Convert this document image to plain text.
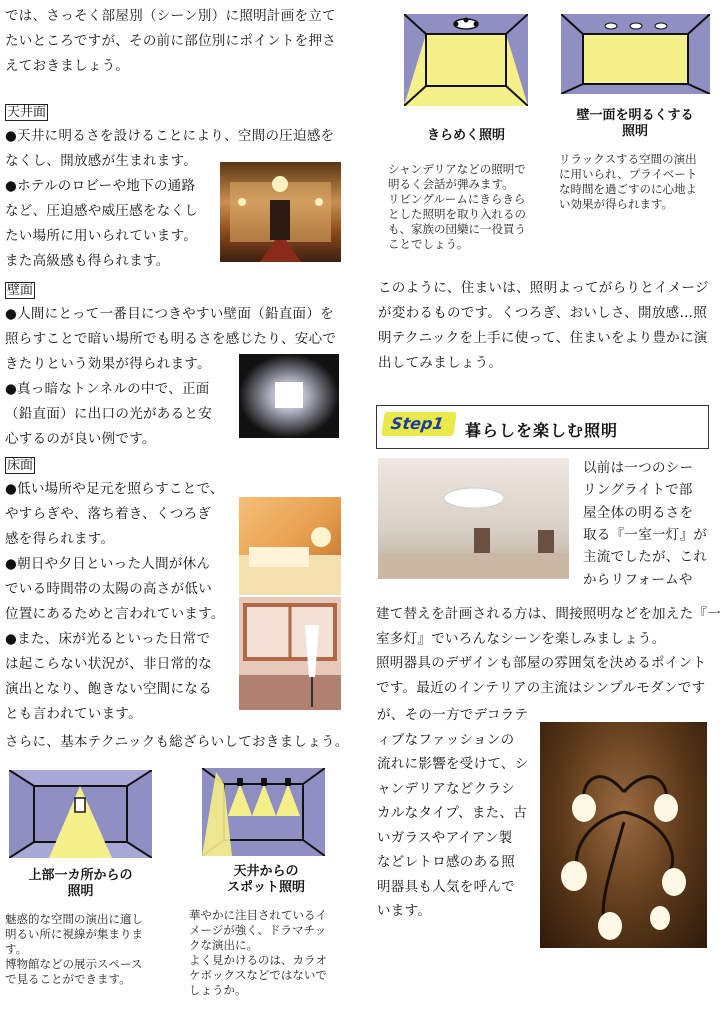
では、さっそく部屋別（シーン別）に照明計画を立て
たいところですが、その前に部位別にポイントを押さ
えておきましょう。
天井面
●天井に明るさを設けることにより、空間の圧迫感を
なくし、開放感が生まれます。
●ホテルのロビーや地下の通路
など、圧迫感や威圧感をなくし
たい場所に用いられています。
また高級感も得られます。
壁面
●人間にとって一番目につきやすい壁面（鉛直面）を
照らすことで暗い場所でも明るさを感じたり、安心で
きたりという効果が得られます。
●真っ暗なトンネルの中で、正面
（鉛直面）に出口の光があると安
心するのが良い例です。
床面
●低い場所や足元を照らすことで、
やすらぎや、落ち着き、くつろぎ
感を得られます。
●朝日や夕日といった人間が休ん
でいる時間帯の太陽の高さが低い
位置にあるためと言われています。
●また、床が光るといった日常で
は起こらない状況が、非日常的な
演出となり、飽きない空間になる
とも言われています。
さらに、基本テクニックも総ざらいしておきましょう。
上部一カ所からの
照明
魅惑的な空間の演出に適し
明るい所に視線が集まりま
す。
博物館などの展示スペース
で見ることができます。
天井からの
スポット照明
華やかに注目されているイ
メージが強く、ドラマチッ
クな演出に。
よく見かけるのは、カラオ
ケボックスなどではないで
しょうか。
きらめく照明
シャンデリアなどの照明で
明るく会話が弾みます。
リビングルームにきらきら
とした照明を取り入れるの
も、家族の団欒に一役買う
ことでしょう。
壁一面を明るくする
照明
リラックスする空間の演出
に用いられ、プライベート
な時間を過ごすのに心地よ
い効果が得られます。
このように、住まいは、照明よってがらりとイメージ
が変わるものです。くつろぎ、おいしさ、開放感…照
明テクニックを上手に使って、住まいをより豊かに演
出してみましょう。
Step1 暮らしを楽しむ照明
以前は一つのシー
リングライトで部
屋全体の明るさを
取る『一室一灯』が
主流でしたが、これ
からリフォームや
建て替えを計画される方は、間接照明などを加えた『一
室多灯』でいろんなシーンを楽しみましょう。
照明器具のデザインも部屋の雰囲気を決めるポイント
です。最近のインテリアの主流はシンプルモダンです
が、その一方でデコラテ
ィブなファッションの
流れに影響を受けて、シ
ャンデリアなどクラシ
カルなタイプ、また、古
いガラスやアイアン製
などレトロ感のある照
明器具も人気を呼んで
います。
